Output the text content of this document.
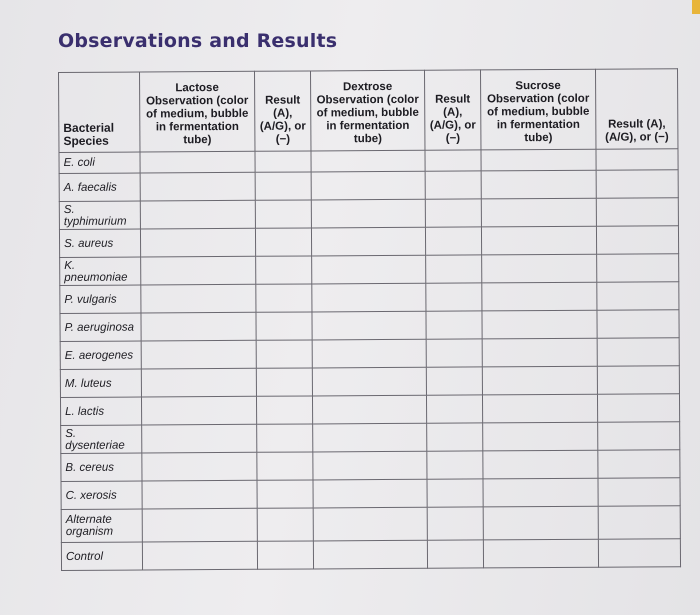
Observations and Results
Bacterial Species	Lactose Observation (color of medium, bubble in fermentation tube)	Result (A), (A/G), or (−)	Dextrose Observation (color of medium, bubble in fermentation tube)	Result (A), (A/G), or (−)	Sucrose Observation (color of medium, bubble in fermentation tube)	Result (A), (A/G), or (−)
E. coli						
A. faecalis						
S. typhimurium						
S. aureus						
K. pneumoniae						
P. vulgaris						
P. aeruginosa						
E. aerogenes						
M. luteus						
L. lactis						
S. dysenteriae						
B. cereus						
C. xerosis						
Alternate organism						
Control						
